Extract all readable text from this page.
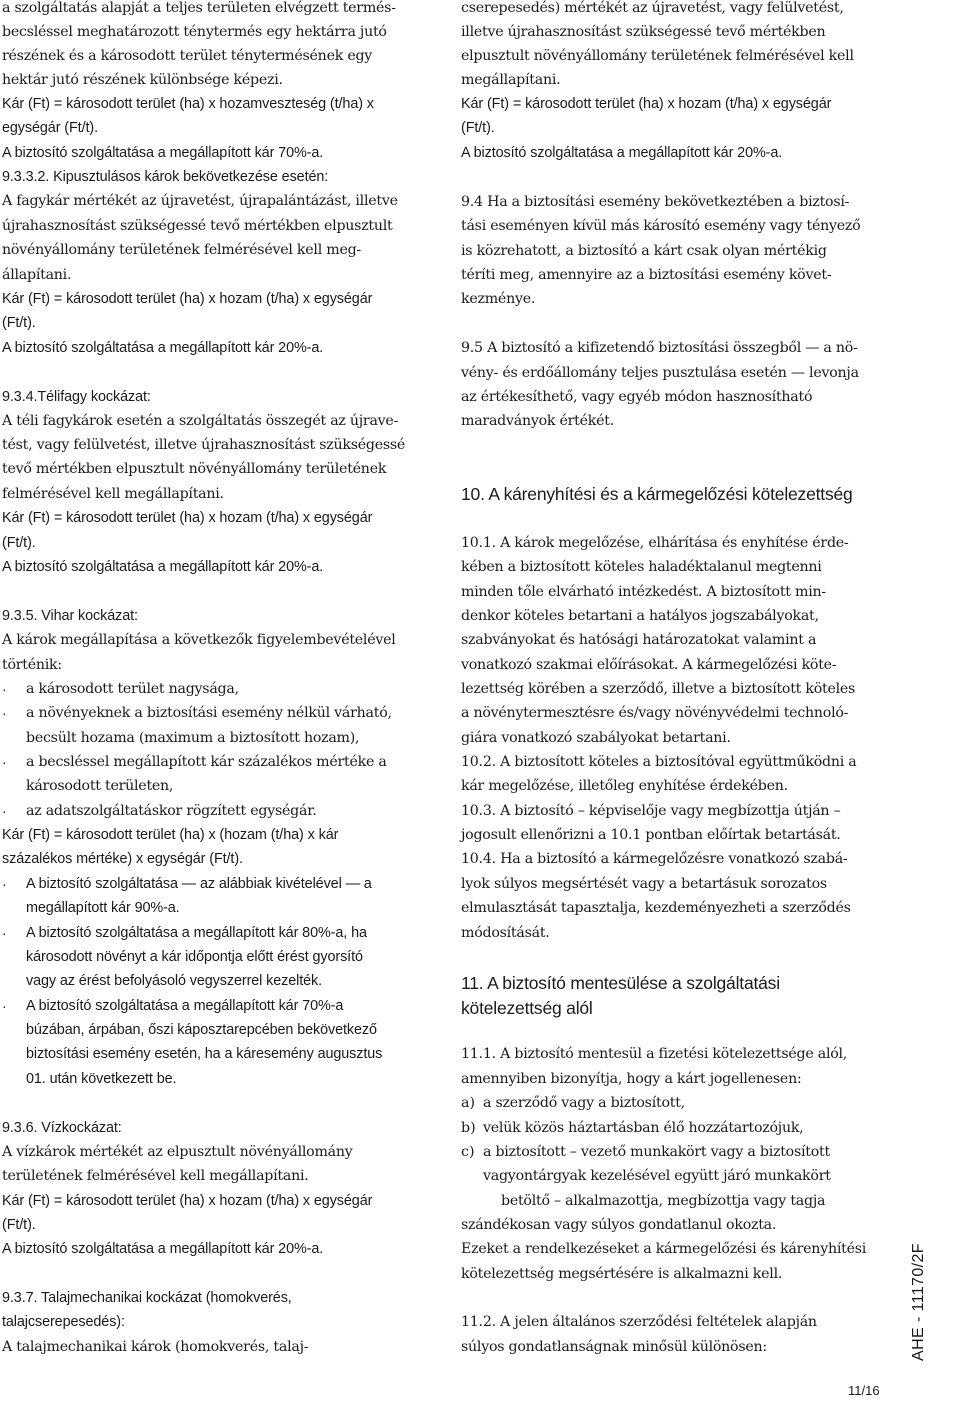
a szolgáltatás alapját a teljes területen elvégzett termés-
becsléssel meghatározott ténytermés egy hektárra jutó
részének és a károsodott terület ténytermésének egy
hektár jutó részének különbsége képezi.
Kár (Ft) = károsodott terület (ha) x hozamveszteség (t/ha) x
egységár (Ft/t).
A biztosító szolgáltatása a megállapított kár 70%-a.
9.3.3.2. Kipusztulásos károk bekövetkezése esetén:
A fagykár mértékét az újravetést, újrapalántázást, illetve
újrahasznosítást szükségessé tevő mértékben elpusztult
növényállomány területének felmérésével kell meg-
állapítani.
Kár (Ft) = károsodott terület (ha) x hozam (t/ha) x egységár
(Ft/t).
A biztosító szolgáltatása a megállapított kár 20%-a.
9.3.4.Télifagy kockázat:
A téli fagykárok esetén a szolgáltatás összegét az újrave-
tést, vagy felülvetést, illetve újrahasznosítást szükségessé
tevő mértékben elpusztult növényállomány területének
felmérésével kell megállapítani.
Kár (Ft) = károsodott terület (ha) x hozam (t/ha) x egységár
(Ft/t).
A biztosító szolgáltatása a megállapított kár 20%-a.
9.3.5. Vihar kockázat:
A károk megállapítása a következők figyelembevételével
történik:
· a károsodott terület nagysága,
· a növényeknek a biztosítási esemény nélkül várható,
becsült hozama (maximum a biztosított hozam),
· a becsléssel megállapított kár százalékos mértéke a
károsodott területen,
· az adatszolgáltatáskor rögzített egységár.
Kár (Ft) = károsodott terület (ha) x (hozam (t/ha) x kár
százalékos mértéke) x egységár (Ft/t).
· A biztosító szolgáltatása — az alábbiak kivételével — a
megállapított kár 90%-a.
· A biztosító szolgáltatása a megállapított kár 80%-a, ha
károsodott növényt a kár időpontja előtt érést gyorsító
vagy az érést befolyásoló vegyszerrel kezelték.
· A biztosító szolgáltatása a megállapított kár 70%-a
búzában, árpában, őszi káposztarepcében bekövetkező
biztosítási esemény esetén, ha a káresemény augusztus
01. után következett be.
9.3.6. Vízkockázat:
A vízkárok mértékét az elpusztult növényállomány
területének felmérésével kell megállapítani.
Kár (Ft) = károsodott terület (ha) x hozam (t/ha) x egységár
(Ft/t).
A biztosító szolgáltatása a megállapított kár 20%-a.
9.3.7. Talajmechanikai kockázat (homokverés,
talajcserepesedés):
A talajmechanikai károk (homokverés, talaj-
cserepesedés) mértékét az újravetést, vagy felülvetést,
illetve újrahasznosítást szükségessé tevő mértékben
elpusztult növényállomány területének felmérésével kell
megállapítani.
Kár (Ft) = károsodott terület (ha) x hozam (t/ha) x egységár
(Ft/t).
A biztosító szolgáltatása a megállapított kár 20%-a.
9.4 Ha a biztosítási esemény bekövetkeztében a biztosí-
tási eseményen kívül más károsító esemény vagy tényező
is közrehatott, a biztosító a kárt csak olyan mértékig
téríti meg, amennyire az a biztosítási esemény követ-
kezménye.
9.5 A biztosító a kifizetendő biztosítási összegből — a nö-
vény- és erdőállomány teljes pusztulása esetén — levonja
az értékesíthető, vagy egyéb módon hasznosítható
maradványok értékét.
10. A kárenyhítési és a kármegelőzési kötelezettség
10.1. A károk megelőzése, elhárítása és enyhítése érde-
kében a biztosított köteles haladéktalanul megtenni
minden tőle elvárható intézkedést. A biztosított min-
denkor köteles betartani a hatályos jogszabályokat,
szabványokat és hatósági határozatokat valamint a
vonatkozó szakmai előírásokat. A kármegelőzési köte-
lezettség körében a szerződő, illetve a biztosított köteles
a növénytermesztésre és/vagy növényvédelmi technoló-
giára vonatkozó szabályokat betartani.
10.2. A biztosított köteles a biztosítóval együttműködni a
kár megelőzése, illetőleg enyhítése érdekében.
10.3. A biztosító – képviselője vagy megbízottja útján –
jogosult ellenőrizni a 10.1 pontban előírtak betartását.
10.4. Ha a biztosító a kármegelőzésre vonatkozó szabá-
lyok súlyos megsértését vagy a betartásuk sorozatos
elmulasztását tapasztalja, kezdeményezheti a szerződés
módosítását.
11. A biztosító mentesülése a szolgáltatási
kötelezettség alól
11.1. A biztosító mentesül a fizetési kötelezettsége alól,
amennyiben bizonyítja, hogy a kárt jogellenesen:
a) a szerződő vagy a biztosított,
b) velük közös háztartásban élő hozzátartozójuk,
c) a biztosított – vezető munkakört vagy a biztosított
vagyontárgyak kezelésével együtt járó munkakört
betöltő – alkalmazottja, megbízottja vagy tagja
szándékosan vagy súlyos gondatlanul okozta.
Ezeket a rendelkezéseket a kármegelőzési és kárenyhítési
kötelezettség megsértésére is alkalmazni kell.
11.2. A jelen általános szerződési feltételek alapján
súlyos gondatlanságnak minősül különösen:	AHE - 11170/2F
11/16
